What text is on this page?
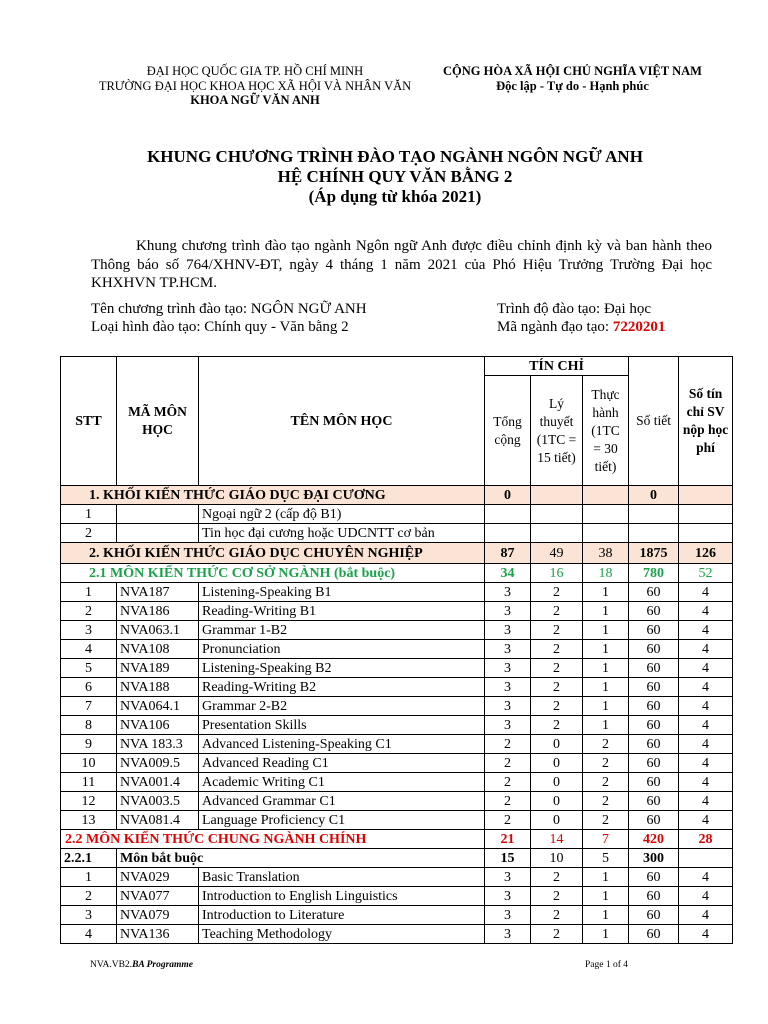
ĐẠI HỌC QUỐC GIA TP. HỒ CHÍ MINH
TRƯỜNG ĐẠI HỌC KHOA HỌC XÃ HỘI VÀ NHÂN VĂN
KHOA NGỮ VĂN ANH
CỘNG HÒA XÃ HỘI CHỦ NGHĨA VIỆT NAM
Độc lập - Tự do - Hạnh phúc
KHUNG CHƯƠNG TRÌNH ĐÀO TẠO NGÀNH NGÔN NGỮ ANH
HỆ CHÍNH QUY VĂN BẰNG 2
(Áp dụng từ khóa 2021)
Khung chương trình đào tạo ngành Ngôn ngữ Anh được điều chỉnh định kỳ và ban hành theo Thông báo số 764/XHNV-ĐT, ngày 4 tháng 1 năm 2021 của Phó Hiệu Trưởng Trường Đại học KHXHVN TP.HCM.
Tên chương trình đào tạo: NGÔN NGỮ ANH	Trình độ đào tạo: Đại học
Loại hình đào tạo: Chính quy - Văn bằng 2	Mã ngành đạo tạo: 7220201
STT	MÃ MÔN HỌC	TÊN MÔN HỌC	TÍN CHỈ			Số tiết	Số tín chỉ SV nộp học phí
			Tổng cộng	Lý thuyết (1TC = 15 tiết)	Thực hành (1TC = 30 tiết)		
1. KHỐI KIẾN THỨC GIÁO DỤC ĐẠI CƯƠNG			0			0	
1		Ngoại ngữ 2 (cấp độ B1)					
2		Tin học đại cương hoặc UDCNTT cơ bản					
2. KHỐI KIẾN THỨC GIÁO DỤC CHUYÊN NGHIỆP			87	49	38	1875	126
2.1 MÔN KIẾN THỨC CƠ SỞ NGÀNH (bắt buộc)			34	16	18	780	52
1	NVA187	Listening-Speaking B1	3	2	1	60	4
2	NVA186	Reading-Writing B1	3	2	1	60	4
3	NVA063.1	Grammar 1-B2	3	2	1	60	4
4	NVA108	Pronunciation	3	2	1	60	4
5	NVA189	Listening-Speaking B2	3	2	1	60	4
6	NVA188	Reading-Writing B2	3	2	1	60	4
7	NVA064.1	Grammar 2-B2	3	2	1	60	4
8	NVA106	Presentation Skills	3	2	1	60	4
9	NVA 183.3	Advanced Listening-Speaking C1	2	0	2	60	4
10	NVA009.5	Advanced Reading C1	2	0	2	60	4
11	NVA001.4	Academic Writing C1	2	0	2	60	4
12	NVA003.5	Advanced Grammar C1	2	0	2	60	4
13	NVA081.4	Language Proficiency C1	2	0	2	60	4
2.2 MÔN KIẾN THỨC CHUNG NGÀNH CHÍNH			21	14	7	420	28
2.2.1	Môn bắt buộc		15	10	5	300	
1	NVA029	Basic Translation	3	2	1	60	4
2	NVA077	Introduction to English Linguistics	3	2	1	60	4
3	NVA079	Introduction to Literature	3	2	1	60	4
4	NVA136	Teaching Methodology	3	2	1	60	4
NVA.VB2.BA Programme	Page 1 of 4
